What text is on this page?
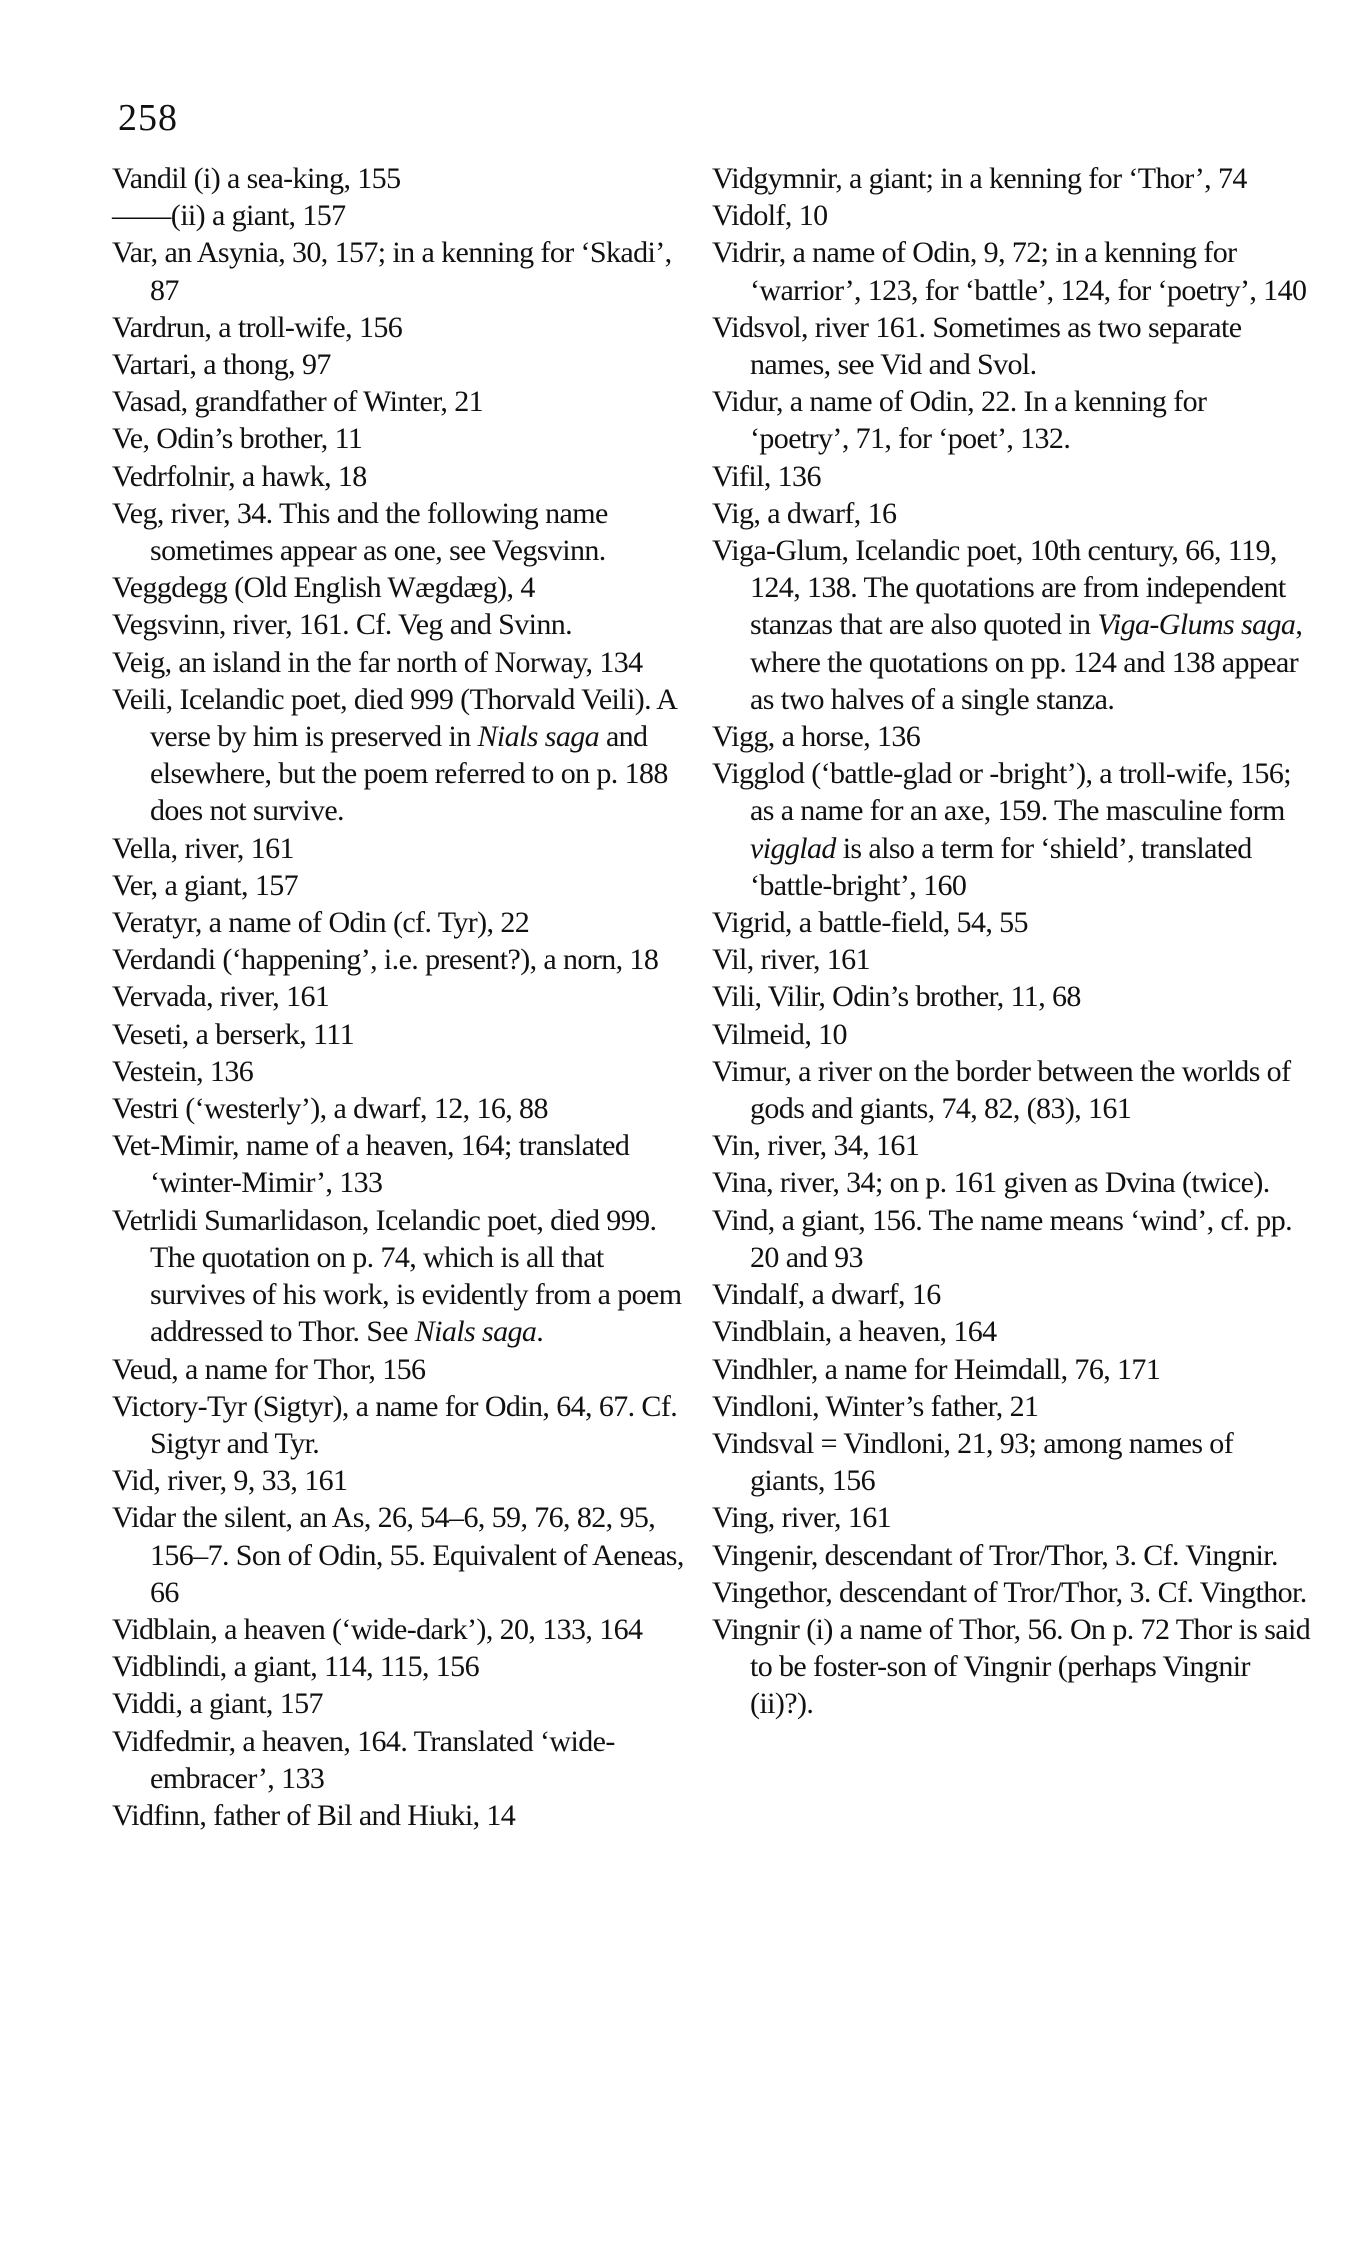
258
Vandil (i) a sea-king, 155
——(ii) a giant, 157
Var, an Asynia, 30, 157; in a kenning for ‘Skadi’, 87
Vardrun, a troll-wife, 156
Vartari, a thong, 97
Vasad, grandfather of Winter, 21
Ve, Odin’s brother, 11
Vedrfolnir, a hawk, 18
Veg, river, 34. This and the following name sometimes appear as one, see Vegsvinn.
Veggdegg (Old English Wægdæg), 4
Vegsvinn, river, 161. Cf. Veg and Svinn.
Veig, an island in the far north of Norway, 134
Veili, Icelandic poet, died 999 (Thorvald Veili). A verse by him is preserved in Nials saga and elsewhere, but the poem referred to on p. 188 does not survive.
Vella, river, 161
Ver, a giant, 157
Veratyr, a name of Odin (cf. Tyr), 22
Verdandi (‘happening’, i.e. present?), a norn, 18
Vervada, river, 161
Veseti, a berserk, 111
Vestein, 136
Vestri (‘westerly’), a dwarf, 12, 16, 88
Vet-Mimir, name of a heaven, 164; translated ‘winter-Mimir’, 133
Vetrlidi Sumarlidason, Icelandic poet, died 999. The quotation on p. 74, which is all that survives of his work, is evidently from a poem addressed to Thor. See Nials saga.
Veud, a name for Thor, 156
Victory-Tyr (Sigtyr), a name for Odin, 64, 67. Cf. Sigtyr and Tyr.
Vid, river, 9, 33, 161
Vidar the silent, an As, 26, 54–6, 59, 76, 82, 95, 156–7. Son of Odin, 55. Equivalent of Aeneas, 66
Vidblain, a heaven (‘wide-dark’), 20, 133, 164
Vidblindi, a giant, 114, 115, 156
Viddi, a giant, 157
Vidfedmir, a heaven, 164. Translated ‘wide-embracer’, 133
Vidfinn, father of Bil and Hiuki, 14
Vidgymnir, a giant; in a kenning for ‘Thor’, 74
Vidolf, 10
Vidrir, a name of Odin, 9, 72; in a kenning for ‘warrior’, 123, for ‘battle’, 124, for ‘poetry’, 140
Vidsvol, river 161. Sometimes as two separate names, see Vid and Svol.
Vidur, a name of Odin, 22. In a kenning for ‘poetry’, 71, for ‘poet’, 132.
Vifil, 136
Vig, a dwarf, 16
Viga-Glum, Icelandic poet, 10th century, 66, 119, 124, 138. The quotations are from independent stanzas that are also quoted in Viga-Glums saga, where the quotations on pp. 124 and 138 appear as two halves of a single stanza.
Vigg, a horse, 136
Vigglod (‘battle-glad or -bright’), a troll-wife, 156; as a name for an axe, 159. The masculine form vigglad is also a term for ‘shield’, translated ‘battle-bright’, 160
Vigrid, a battle-field, 54, 55
Vil, river, 161
Vili, Vilir, Odin’s brother, 11, 68
Vilmeid, 10
Vimur, a river on the border between the worlds of gods and giants, 74, 82, (83), 161
Vin, river, 34, 161
Vina, river, 34; on p. 161 given as Dvina (twice).
Vind, a giant, 156. The name means ‘wind’, cf. pp. 20 and 93
Vindalf, a dwarf, 16
Vindblain, a heaven, 164
Vindhler, a name for Heimdall, 76, 171
Vindloni, Winter’s father, 21
Vindsval = Vindloni, 21, 93; among names of giants, 156
Ving, river, 161
Vingenir, descendant of Tror/Thor, 3. Cf. Vingnir.
Vingethor, descendant of Tror/Thor, 3. Cf. Vingthor.
Vingnir (i) a name of Thor, 56. On p. 72 Thor is said to be foster-son of Vingnir (perhaps Vingnir (ii)?).
